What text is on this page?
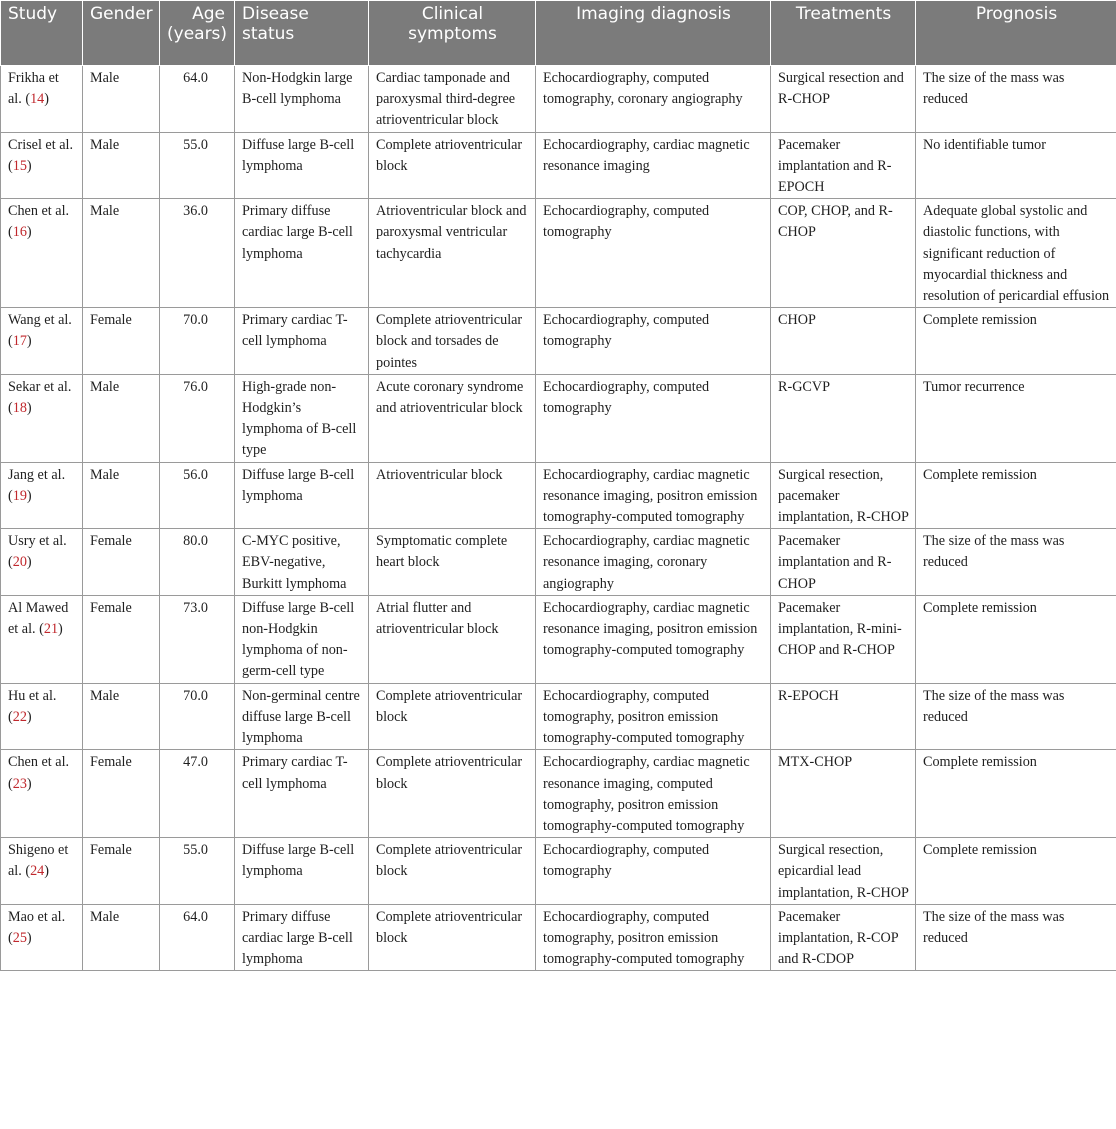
Study	Gender	Age (years)	Disease status	Clinical symptoms	Imaging diagnosis	Treatments	Prognosis
Frikha et al. (14)	Male	64.0	Non-Hodgkin large B-cell lymphoma	Cardiac tamponade and paroxysmal third-degree atrioventricular block	Echocardiography, computed tomography, coronary angiography	Surgical resection and R-CHOP	The size of the mass was reduced
Crisel et al. (15)	Male	55.0	Diffuse large B-cell lymphoma	Complete atrioventricular block	Echocardiography, cardiac magnetic resonance imaging	Pacemaker implantation and R-EPOCH	No identifiable tumor
Chen et al. (16)	Male	36.0	Primary diffuse cardiac large B-cell lymphoma	Atrioventricular block and paroxysmal ventricular tachycardia	Echocardiography, computed tomography	COP, CHOP, and R-CHOP	Adequate global systolic and diastolic functions, with significant reduction of myocardial thickness and resolution of pericardial effusion
Wang et al. (17)	Female	70.0	Primary cardiac T-cell lymphoma	Complete atrioventricular block and torsades de pointes	Echocardiography, computed tomography	CHOP	Complete remission
Sekar et al. (18)	Male	76.0	High-grade non-Hodgkin’s lymphoma of B-cell type	Acute coronary syndrome and atrioventricular block	Echocardiography, computed tomography	R-GCVP	Tumor recurrence
Jang et al. (19)	Male	56.0	Diffuse large B-cell lymphoma	Atrioventricular block	Echocardiography, cardiac magnetic resonance imaging, positron emission tomography-computed tomography	Surgical resection, pacemaker implantation, R-CHOP	Complete remission
Usry et al. (20)	Female	80.0	C-MYC positive, EBV-negative, Burkitt lymphoma	Symptomatic complete heart block	Echocardiography, cardiac magnetic resonance imaging, coronary angiography	Pacemaker implantation and R-CHOP	The size of the mass was reduced
Al Mawed et al. (21)	Female	73.0	Diffuse large B-cell non-Hodgkin lymphoma of non-germ-cell type	Atrial flutter and atrioventricular block	Echocardiography, cardiac magnetic resonance imaging, positron emission tomography-computed tomography	Pacemaker implantation, R-mini-CHOP and R-CHOP	Complete remission
Hu et al. (22)	Male	70.0	Non-germinal centre diffuse large B-cell lymphoma	Complete atrioventricular block	Echocardiography, computed tomography, positron emission tomography-computed tomography	R-EPOCH	The size of the mass was reduced
Chen et al. (23)	Female	47.0	Primary cardiac T-cell lymphoma	Complete atrioventricular block	Echocardiography, cardiac magnetic resonance imaging, computed tomography, positron emission tomography-computed tomography	MTX-CHOP	Complete remission
Shigeno et al. (24)	Female	55.0	Diffuse large B-cell lymphoma	Complete atrioventricular block	Echocardiography, computed tomography	Surgical resection, epicardial lead implantation, R-CHOP	Complete remission
Mao et al. (25)	Male	64.0	Primary diffuse cardiac large B-cell lymphoma	Complete atrioventricular block	Echocardiography, computed tomography, positron emission tomography-computed tomography	Pacemaker implantation, R-COP and R-CDOP	The size of the mass was reduced
